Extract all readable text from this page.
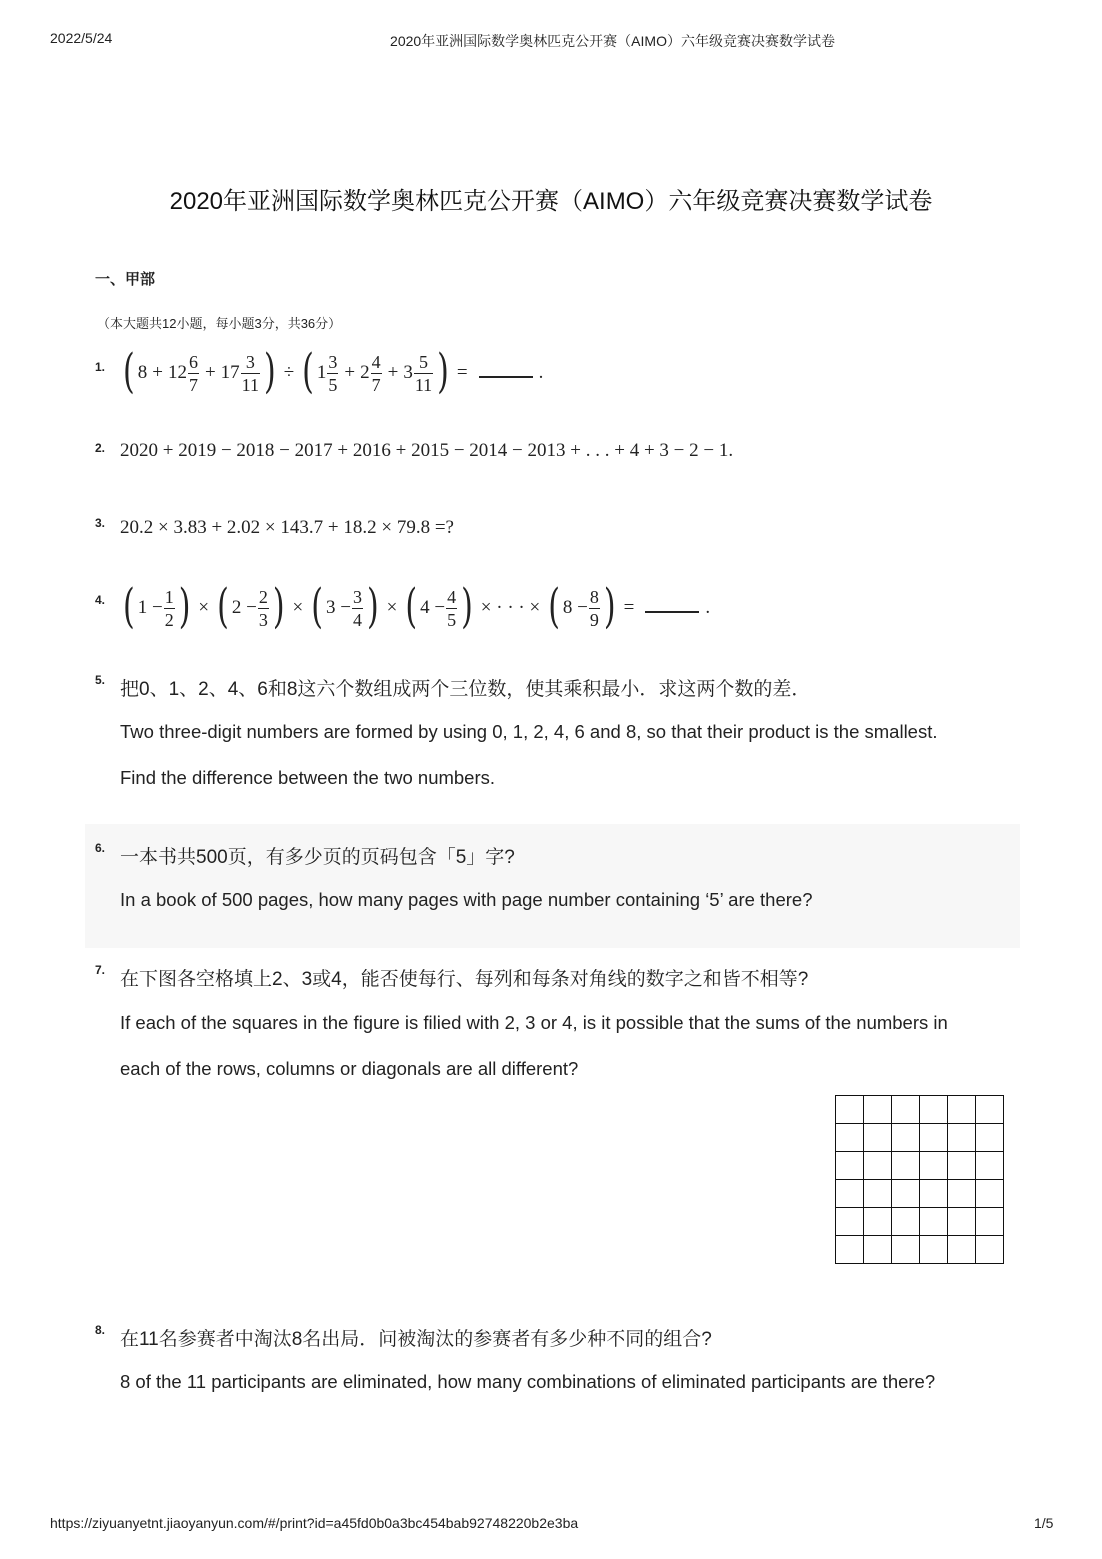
2022/5/24	2020年亚洲国际数学奥林匹克公开赛（AIMO）六年级竞赛决赛数学试卷
2020年亚洲国际数学奥林匹克公开赛（AIMO）六年级竞赛决赛数学试卷
一、甲部
（本大题共12小题，每小题3分，共36分）
1. ( $8 + 12 \frac{6}{7} + 17 \frac{3}{11}$ ) ÷ ( $1 \frac{3}{5} + 2 \frac{4}{7} + 3 \frac{5}{11}$ ) =	.
2. 2020 + 2019 − 2018 − 2017 + 2016 + 2015 − 2014 − 2013 + . . . + 4 + 3 − 2 − 1.
3. 20.2 × 3.83 + 2.02 × 143.7 + 18.2 × 79.8 =?
4. ( $1 - \frac{1}{2}$ ) × ( $2 - \frac{2}{3}$ ) × ( $3 - \frac{3}{4}$ ) × ( $4 - \frac{4}{5}$ ) × · · · × ( $8 - \frac{8}{9}$ ) =	.
5. 把0、1、2、4、6和8这六个数组成两个三位数，使其乘积最小．求这两个数的差．
Two three-digit numbers are formed by using 0, 1, 2, 4, 6 and 8, so that their product is the smallest.
Find the difference between the two numbers.
6. 一本书共500页，有多少页的页码包含「5」字?
In a book of 500 pages, how many pages with page number containing ‘5’ are there?
7. 在下图各空格填上2、3或4，能否使每行、每列和每条对角线的数字之和皆不相等?
If each of the squares in the figure is filied with 2, 3 or 4, is it possible that the sums of the numbers in
each of the rows, columns or diagonals are all different?

8. 在11名参赛者中淘汰8名出局．问被淘汰的参赛者有多少种不同的组合?
8 of the 11 participants are eliminated, how many combinations of eliminated participants are there?
https://ziyuanyetnt.jiaoyanyun.com/#/print?id=a45fd0b0a3bc454bab92748220b2e3ba	1/5
